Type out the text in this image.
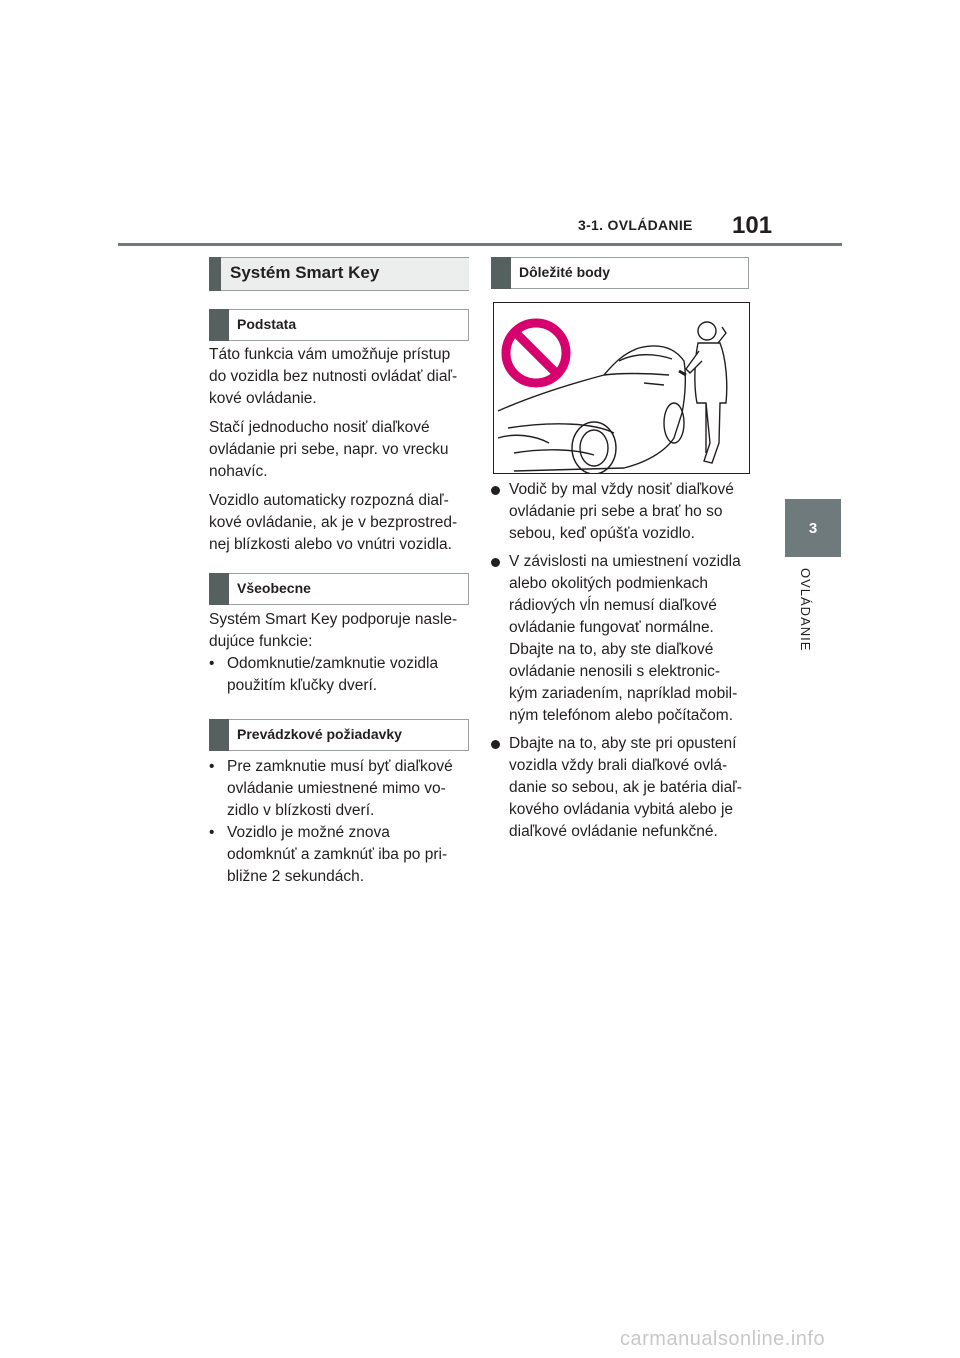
3-1. OVLÁDANIE 101
3
OVLÁDANIE
Systém Smart Key
Podstata
Táto funkcia vám umožňuje prístup
do vozidla bez nutnosti ovládať diaľ-
kové ovládanie.
Stačí jednoducho nosiť diaľkové
ovládanie pri sebe, napr. vo vrecku
nohavíc.
Vozidlo automaticky rozpozná diaľ-
kové ovládanie, ak je v bezprostred-
nej blízkosti alebo vo vnútri vozidla.
Všeobecne
Systém Smart Key podporuje nasle-
dujúce funkcie:
• Odomknutie/zamknutie vozidla
použitím kľučky dverí.
Prevádzkové požiadavky
• Pre zamknutie musí byť diaľkové
ovládanie umiestnené mimo vo-
zidlo v blízkosti dverí.
• Vozidlo je možné znova
odomknúť a zamknúť iba po pri-
bližne 2 sekundách.
Dôležité body
Vodič by mal vždy nosiť diaľkové
ovládanie pri sebe a brať ho so
sebou, keď opúšťa vozidlo.
V závislosti na umiestnení vozidla
alebo okolitých podmienkach
rádiových vĺn nemusí diaľkové
ovládanie fungovať normálne.
Dbajte na to, aby ste diaľkové
ovládanie nenosili s elektronic-
kým zariadením, napríklad mobil-
ným telefónom alebo počítačom.
Dbajte na to, aby ste pri opustení
vozidla vždy brali diaľkové ovlá-
danie so sebou, ak je batéria diaľ-
kového ovládania vybitá alebo je
diaľkové ovládanie nefunkčné.
carmanualsonline.info
